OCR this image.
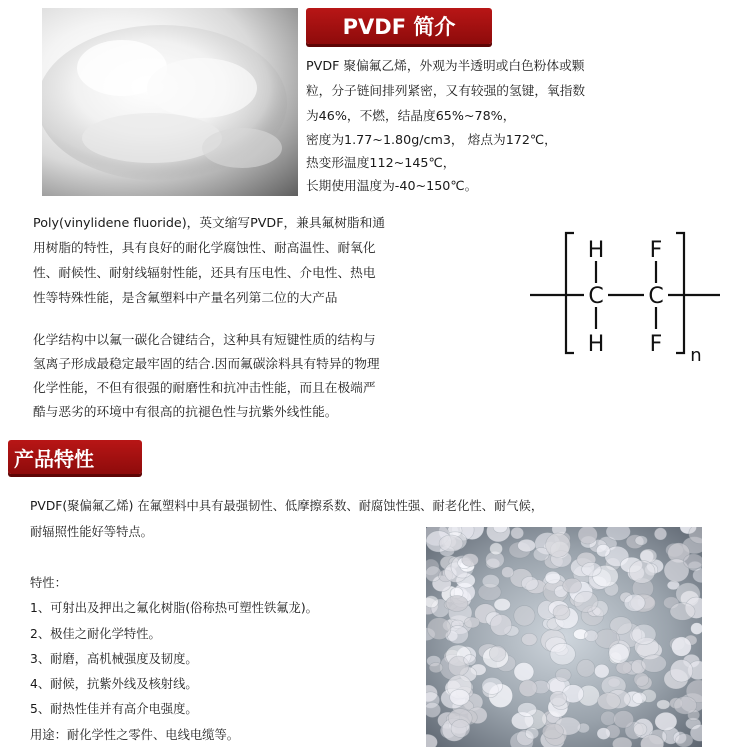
PVDF 简介
PVDF 聚偏氟乙烯，外观为半透明或白色粉体或颗
粒，分子链间排列紧密，又有较强的氢键，氧指数
为46%，不燃，结晶度65%~78%，
密度为1.77~1.80g/cm3， 熔点为172℃，
热变形温度112~145℃，
长期使用温度为-40~150℃。
Poly(vinylidene fluoride)，英文缩写PVDF，兼具氟树脂和通
用树脂的特性，具有良好的耐化学腐蚀性、耐高温性、耐氧化
性、耐候性、耐射线辐射性能，还具有压电性、介电性、热电
性等特殊性能，是含氟塑料中产量名列第二位的大产品
化学结构中以氟一碳化合键结合，这种具有短键性质的结构与
氢离子形成最稳定最牢固的结合.因而氟碳涂料具有特异的物理
化学性能，不但有很强的耐磨性和抗冲击性能，而且在极端严
酷与恶劣的环境中有很高的抗褪色性与抗紫外线性能。
H
C
H
F
C
F n
产品特性
PVDF(聚偏氟乙烯) 在氟塑料中具有最强韧性、低摩擦系数、耐腐蚀性强、耐老化性、耐气候，
耐辐照性能好等特点。
特性：
1、可射出及押出之氟化树脂(俗称热可塑性铁氟龙)。
2、极佳之耐化学特性。
3、耐磨，高机械强度及韧度。
4、耐候，抗紫外线及核射线。
5、耐热性佳并有高介电强度。
用途：耐化学性之零件、电线电缆等。
